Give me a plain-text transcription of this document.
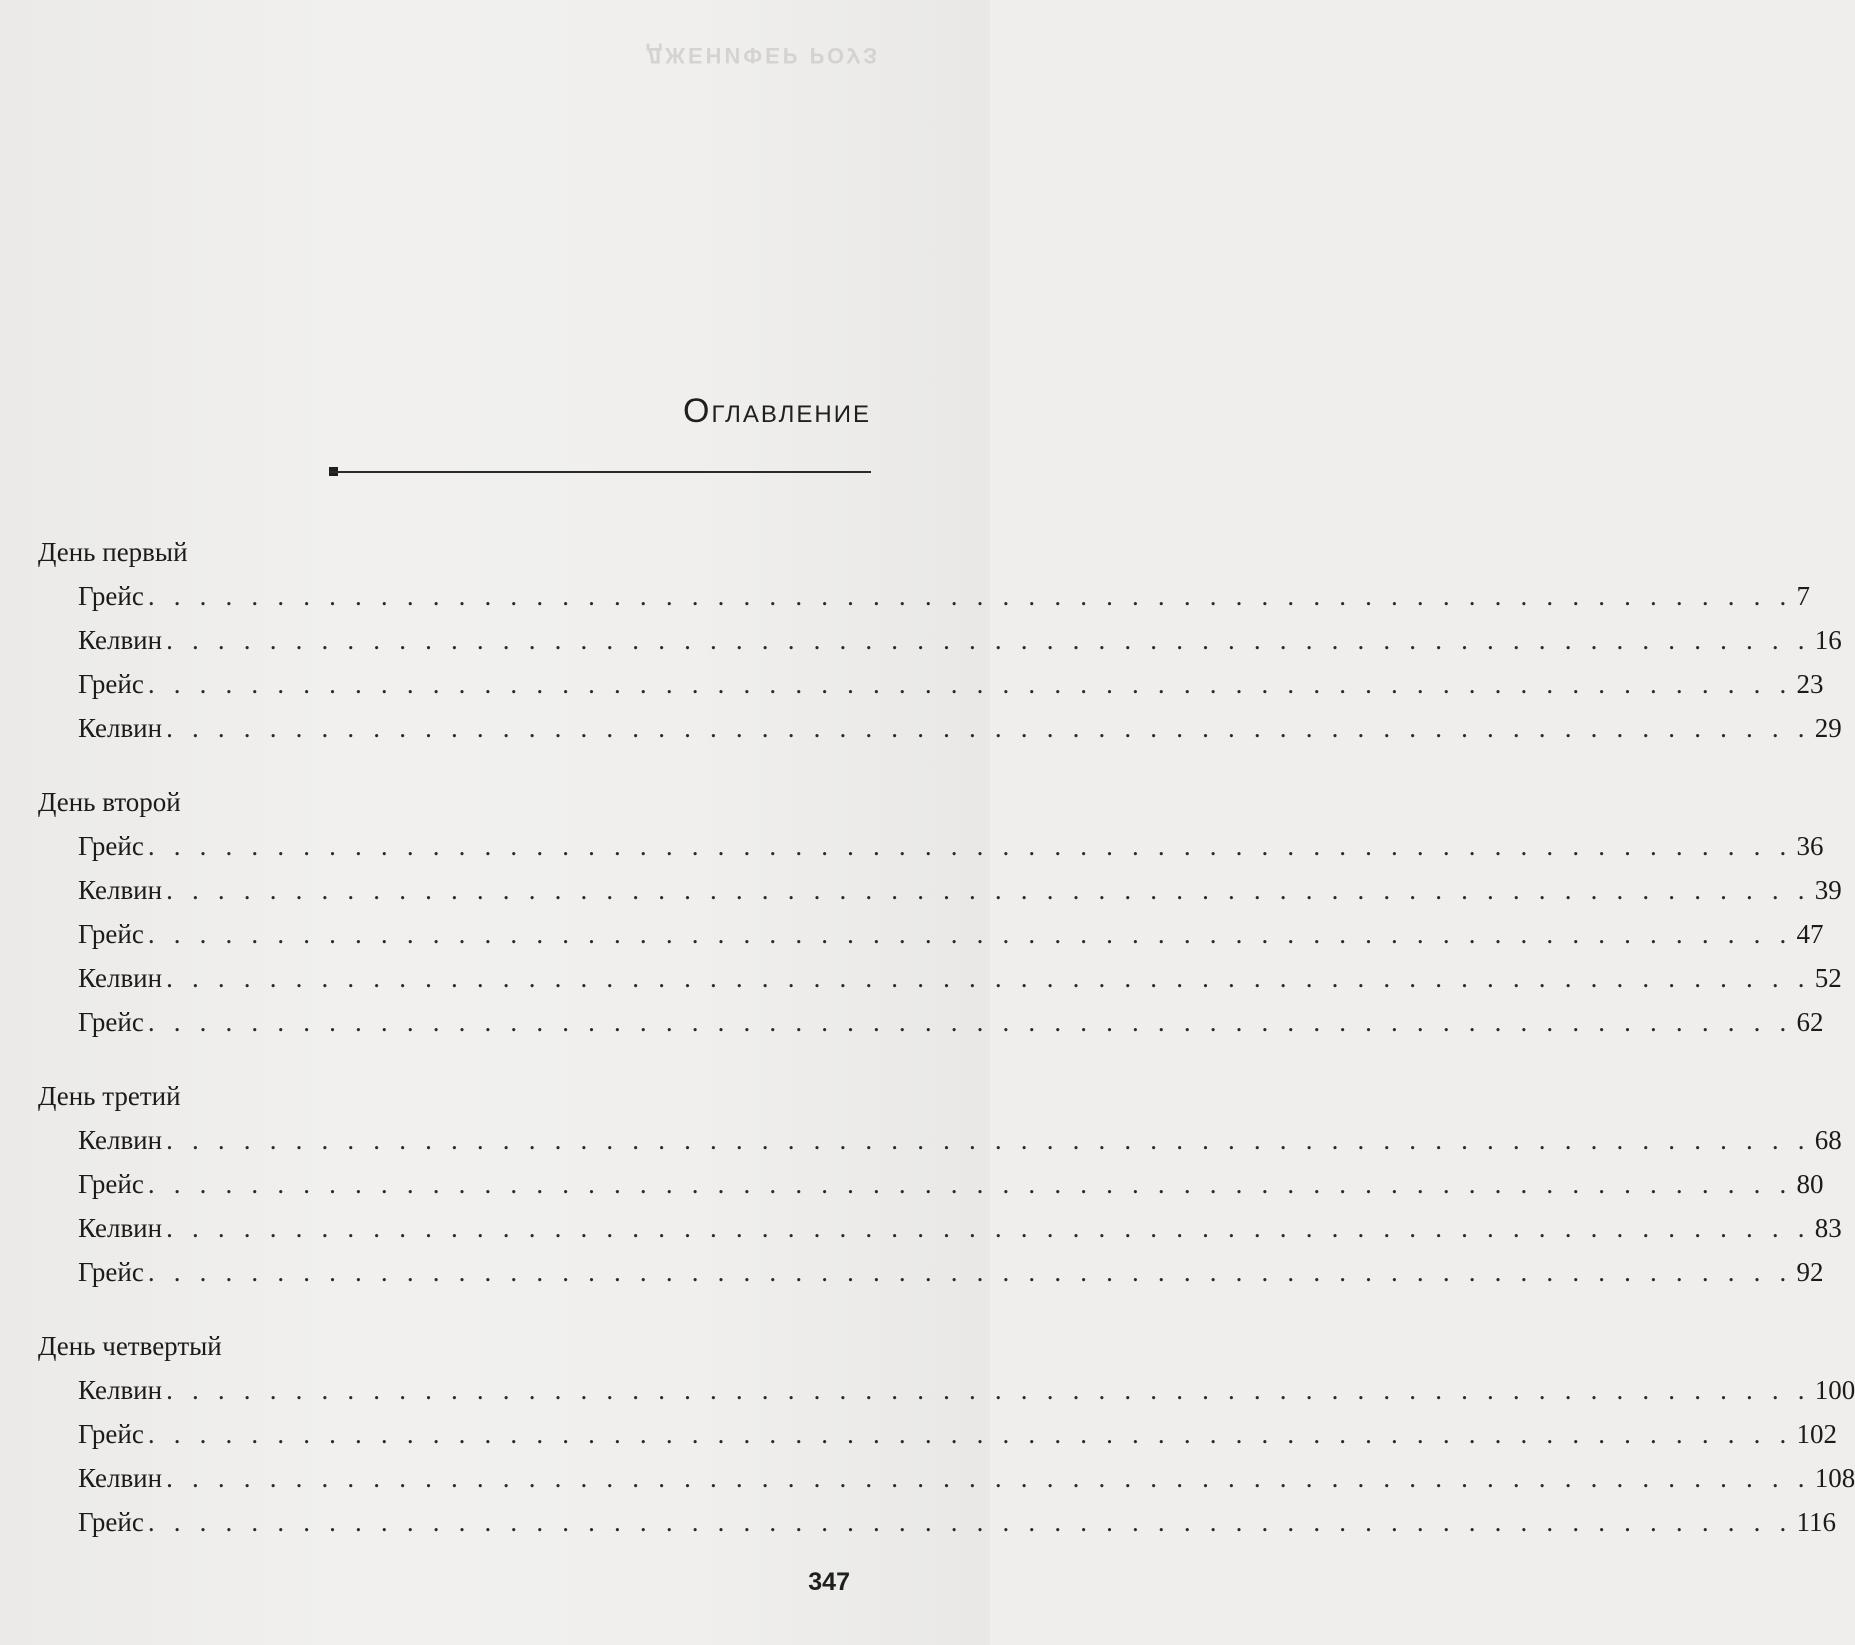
ДЖЕНИФЕР РОУЗ
Оглавление
День первый
Грейс . . . . . . . . . . . . . . . . . . . . . . . . . . . . . . . . . . . . . . . . . . . . . . . . . . . . . . . . . . . . . . . . 7
Келвин . . . . . . . . . . . . . . . . . . . . . . . . . . . . . . . . . . . . . . . . . . . . . . . . . . . . . . . . . . . . . . . . 16
Грейс . . . . . . . . . . . . . . . . . . . . . . . . . . . . . . . . . . . . . . . . . . . . . . . . . . . . . . . . . . . . . . . . 23
Келвин . . . . . . . . . . . . . . . . . . . . . . . . . . . . . . . . . . . . . . . . . . . . . . . . . . . . . . . . . . . . . . . . 29
День второй
Грейс . . . . . . . . . . . . . . . . . . . . . . . . . . . . . . . . . . . . . . . . . . . . . . . . . . . . . . . . . . . . . . . . 36
Келвин . . . . . . . . . . . . . . . . . . . . . . . . . . . . . . . . . . . . . . . . . . . . . . . . . . . . . . . . . . . . . . . . 39
Грейс . . . . . . . . . . . . . . . . . . . . . . . . . . . . . . . . . . . . . . . . . . . . . . . . . . . . . . . . . . . . . . . . 47
Келвин . . . . . . . . . . . . . . . . . . . . . . . . . . . . . . . . . . . . . . . . . . . . . . . . . . . . . . . . . . . . . . . . 52
Грейс . . . . . . . . . . . . . . . . . . . . . . . . . . . . . . . . . . . . . . . . . . . . . . . . . . . . . . . . . . . . . . . . 62
День третий
Келвин . . . . . . . . . . . . . . . . . . . . . . . . . . . . . . . . . . . . . . . . . . . . . . . . . . . . . . . . . . . . . . . . 68
Грейс . . . . . . . . . . . . . . . . . . . . . . . . . . . . . . . . . . . . . . . . . . . . . . . . . . . . . . . . . . . . . . . . 80
Келвин . . . . . . . . . . . . . . . . . . . . . . . . . . . . . . . . . . . . . . . . . . . . . . . . . . . . . . . . . . . . . . . . 83
Грейс . . . . . . . . . . . . . . . . . . . . . . . . . . . . . . . . . . . . . . . . . . . . . . . . . . . . . . . . . . . . . . . . 92
День четвертый
Келвин . . . . . . . . . . . . . . . . . . . . . . . . . . . . . . . . . . . . . . . . . . . . . . . . . . . . . . . . . . . . . . . . 100
Грейс . . . . . . . . . . . . . . . . . . . . . . . . . . . . . . . . . . . . . . . . . . . . . . . . . . . . . . . . . . . . . . . . 102
Келвин . . . . . . . . . . . . . . . . . . . . . . . . . . . . . . . . . . . . . . . . . . . . . . . . . . . . . . . . . . . . . . . . 108
Грейс . . . . . . . . . . . . . . . . . . . . . . . . . . . . . . . . . . . . . . . . . . . . . . . . . . . . . . . . . . . . . . . . 116
347
